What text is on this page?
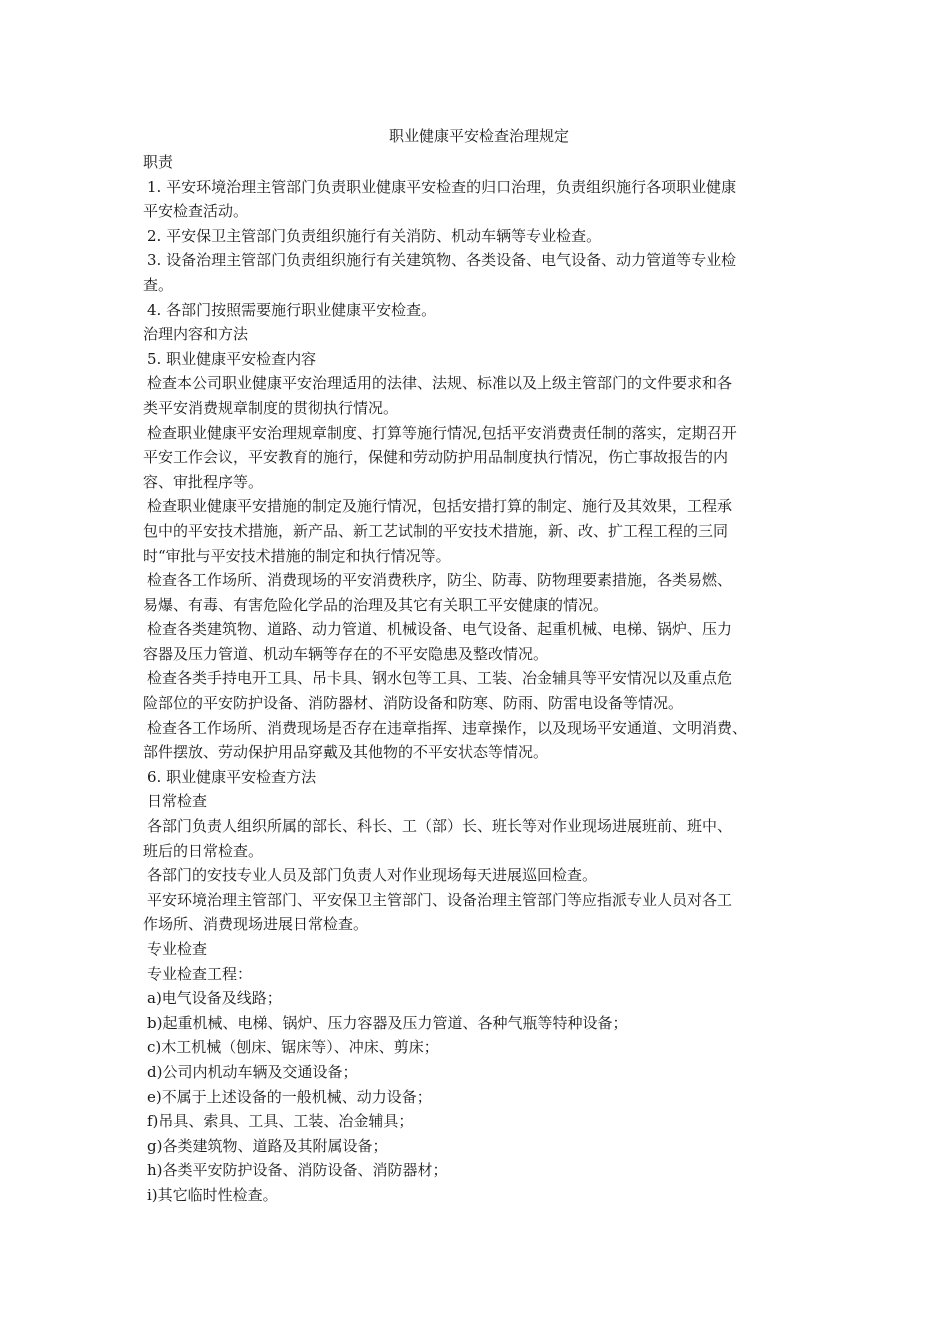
职业健康平安检查治理规定

职责

1. 平安环境治理主管部门负责职业健康平安检查的归口治理，负责组织施行各项职业健康

平安检查活动。

2. 平安保卫主管部门负责组织施行有关消防、机动车辆等专业检查。

3. 设备治理主管部门负责组织施行有关建筑物、各类设备、电气设备、动力管道等专业检

查。

4. 各部门按照需要施行职业健康平安检查。

治理内容和方法

5. 职业健康平安检查内容

检查本公司职业健康平安治理适用的法律、法规、标准以及上级主管部门的文件要求和各

类平安消费规章制度的贯彻执行情况。

检查职业健康平安治理规章制度、打算等施行情况,包括平安消费责任制的落实，定期召开

平安工作会议，平安教育的施行，保健和劳动防护用品制度执行情况，伤亡事故报告的内

容、审批程序等。

检查职业健康平安措施的制定及施行情况，包括安措打算的制定、施行及其效果，工程承

包中的平安技术措施，新产品、新工艺试制的平安技术措施，新、改、扩工程工程的三同

时“审批与平安技术措施的制定和执行情况等。

检查各工作场所、消费现场的平安消费秩序，防尘、防毒、防物理要素措施，各类易燃、

易爆、有毒、有害危险化学品的治理及其它有关职工平安健康的情况。

检查各类建筑物、道路、动力管道、机械设备、电气设备、起重机械、电梯、锅炉、压力

容器及压力管道、机动车辆等存在的不平安隐患及整改情况。

检查各类手持电开工具、吊卡具、钢水包等工具、工装、冶金辅具等平安情况以及重点危

险部位的平安防护设备、消防器材、消防设备和防寒、防雨、防雷电设备等情况。

检查各工作场所、消费现场是否存在违章指挥、违章操作，以及现场平安通道、文明消费、

部件摆放、劳动保护用品穿戴及其他物的不平安状态等情况。

6. 职业健康平安检查方法

日常检查

各部门负责人组织所属的部长、科长、工（部）长、班长等对作业现场进展班前、班中、

班后的日常检查。

各部门的安技专业人员及部门负责人对作业现场每天进展巡回检查。

平安环境治理主管部门、平安保卫主管部门、设备治理主管部门等应指派专业人员对各工

作场所、消费现场进展日常检查。

专业检查

专业检查工程：

a)电气设备及线路；

b)起重机械、电梯、锅炉、压力容器及压力管道、各种气瓶等特种设备；

c)木工机械（刨床、锯床等）、冲床、剪床；

d)公司内机动车辆及交通设备；

e)不属于上述设备的一般机械、动力设备；

f)吊具、索具、工具、工装、冶金辅具；

g)各类建筑物、道路及其附属设备；

h)各类平安防护设备、消防设备、消防器材；

i)其它临时性检查。
